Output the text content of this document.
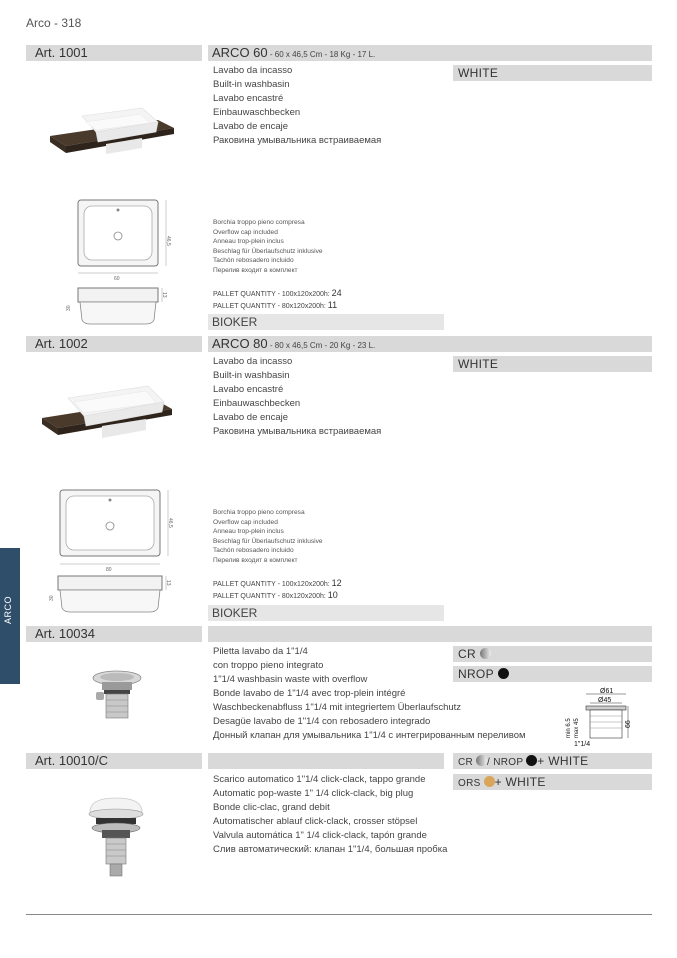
Arco - 318
ARCO
Art. 1001	ARCO 60 - 60 x 46,5 Cm - 18 Kg - 17 L.
46,5
60
30
13
Lavabo da incasso
Built-in washbasin
Lavabo encastré
Einbauwaschbecken
Lavabo de encaje
Раковина умывальника встраиваемая
WHITE
Borchia troppo pieno compresa
Overflow cap included
Anneau trop-plein inclus
Beschlag für Überlaufschutz inklusive
Tachón rebosadero incluido
Перелив входит в комплект
PALLET QUANTITY - 100x120x200h: 24
PALLET QUANTITY - 80x120x200h: 11
BIOKER
Art. 1002	ARCO 80 - 80 x 46,5 Cm - 20 Kg - 23 L.
46,5
80
30
13
Lavabo da incasso
Built-in washbasin
Lavabo encastré
Einbauwaschbecken
Lavabo de encaje
Раковина умывальника встраиваемая
WHITE
Borchia troppo pieno compresa
Overflow cap included
Anneau trop-plein inclus
Beschlag für Überlaufschutz inklusive
Tachón rebosadero incluido
Перелив входит в комплект
PALLET QUANTITY - 100x120x200h: 12
PALLET QUANTITY - 80x120x200h: 10
BIOKER
Art. 10034
Piletta lavabo da 1"1/4
con troppo pieno integrato
1"1/4 washbasin waste with overflow
Bonde lavabo de 1"1/4 avec trop-plein intégré
Waschbeckenabfluss 1"1/4 mit integriertem Überlaufschutz
Desagüe lavabo de 1"1/4 con rebosadero integrado
Донный клапан для умывальника 1"1/4 с интегрированным переливом
CR
NROP
Ø61
Ø45
min 6.5 max 45	66
1"1/4
Art. 10010/C	CR / NROP + WHITE
ORS + WHITE
Scarico automatico 1"1/4 click-clack, tappo grande
Automatic pop-waste 1" 1/4 click-clack, big plug
Bonde clic-clac, grand debit
Automatischer ablauf click-clack, crosser stöpsel
Valvula automática 1" 1/4 click-clack, tapón grande
Слив автоматический: клапан 1"1/4, большая пробка
